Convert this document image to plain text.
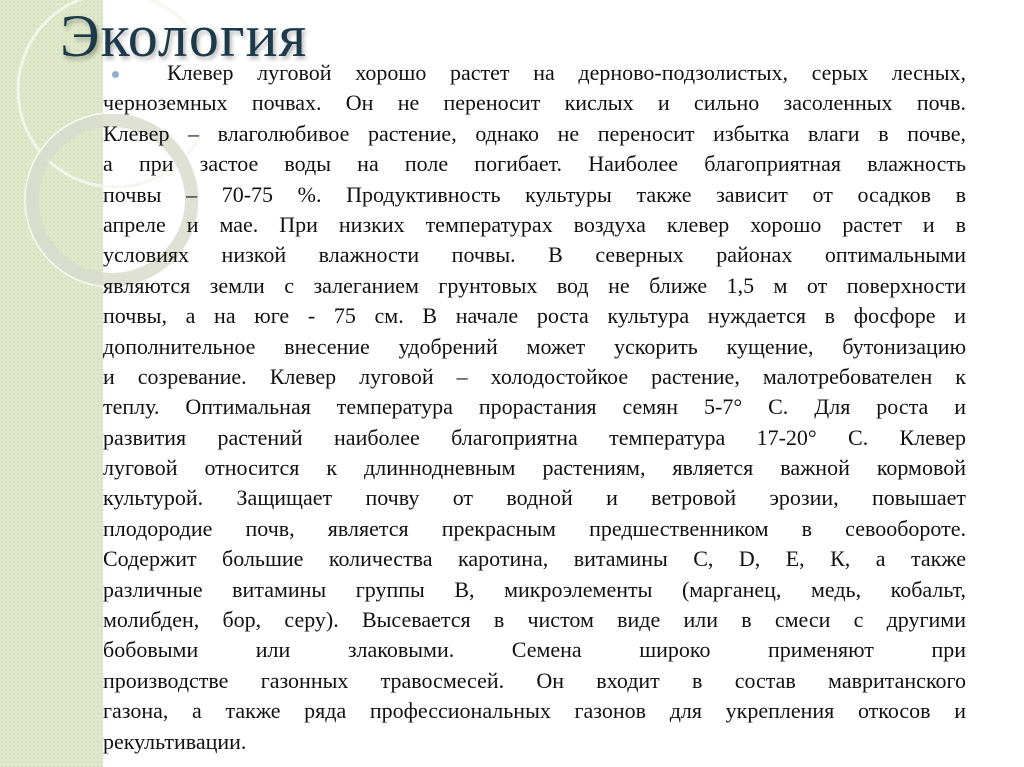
Экология
Клевер луговой хорошо растет на дерново-подзолистых, серых лесных,
черноземных почвах. Он не переносит кислых и сильно засоленных почв.
Клевер – влаголюбивое растение, однако не переносит избытка влаги в почве,
а при застое воды на поле погибает. Наиболее благоприятная влажность
почвы – 70-75 %. Продуктивность культуры также зависит от осадков в
апреле и мае. При низких температурах воздуха клевер хорошо растет и в
условиях низкой влажности почвы. В северных районах оптимальными
являются земли с залеганием грунтовых вод не ближе 1,5 м от поверхности
почвы, а на юге - 75 см. В начале роста культура нуждается в фосфоре и
дополнительное внесение удобрений может ускорить кущение, бутонизацию
и созревание. Клевер луговой – холодостойкое растение, малотребователен к
теплу. Оптимальная температура прорастания семян 5-7° С. Для роста и
развития растений наиболее благоприятна температура 17-20° С. Клевер
луговой относится к длиннодневным растениям, является важной кормовой
культурой. Защищает почву от водной и ветровой эрозии, повышает
плодородие почв, является прекрасным предшественником в севообороте.
Содержит большие количества каротина, витамины С, D, Е, К, а также
различные витамины группы В, микроэлементы (марганец, медь, кобальт,
молибден, бор, серу). Высевается в чистом виде или в смеси с другими
бобовыми или злаковыми. Семена широко применяют при
производстве газонных травосмесей. Он входит в состав мавританского
газона, а также ряда профессиональных газонов для укрепления откосов и
рекультивации.
